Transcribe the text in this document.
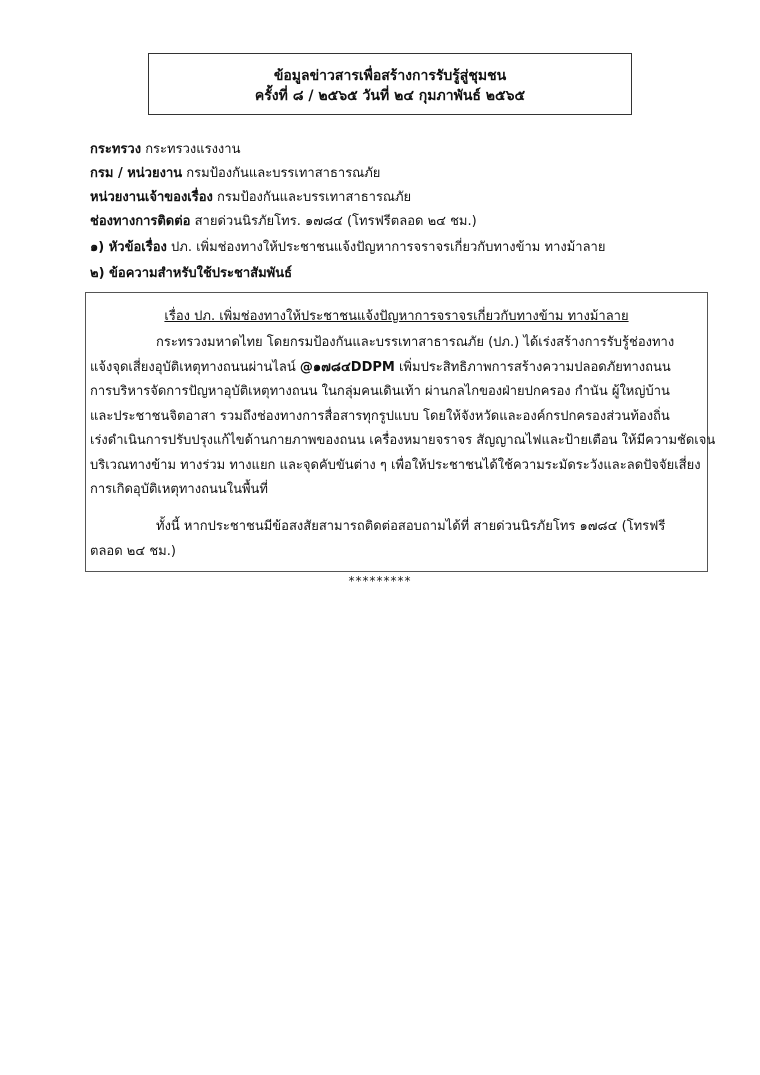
ข้อมูลข่าวสารเพื่อสร้างการรับรู้สู่ชุมชน
ครั้งที่ ๘ / ๒๕๖๕ วันที่ ๒๔ กุมภาพันธ์ ๒๕๖๕
กระทรวง กระทรวงแรงงาน
กรม / หน่วยงาน กรมป้องกันและบรรเทาสาธารณภัย
หน่วยงานเจ้าของเรื่อง กรมป้องกันและบรรเทาสาธารณภัย
ช่องทางการติดต่อ สายด่วนนิรภัยโทร. ๑๗๘๔ (โทรฟรีตลอด ๒๔ ชม.)
๑) หัวข้อเรื่อง ปภ. เพิ่มช่องทางให้ประชาชนแจ้งปัญหาการจราจรเกี่ยวกับทางข้าม ทางม้าลาย
๒) ข้อความสำหรับใช้ประชาสัมพันธ์
เรื่อง ปภ. เพิ่มช่องทางให้ประชาชนแจ้งปัญหาการจราจรเกี่ยวกับทางข้าม ทางม้าลาย
กระทรวงมหาดไทย โดยกรมป้องกันและบรรเทาสาธารณภัย (ปภ.) ได้เร่งสร้างการรับรู้ช่องทาง
แจ้งจุดเสี่ยงอุบัติเหตุทางถนนผ่านไลน์ @๑๗๘๔DDPM เพิ่มประสิทธิภาพการสร้างความปลอดภัยทางถนน
การบริหารจัดการปัญหาอุบัติเหตุทางถนน ในกลุ่มคนเดินเท้า ผ่านกลไกของฝ่ายปกครอง กำนัน ผู้ใหญ่บ้าน
และประชาชนจิตอาสา รวมถึงช่องทางการสื่อสารทุกรูปแบบ โดยให้จังหวัดและองค์กรปกครองส่วนท้องถิ่น
เร่งดำเนินการปรับปรุงแก้ไขด้านกายภาพของถนน เครื่องหมายจราจร สัญญาณไฟและป้ายเตือน ให้มีความชัดเจน
บริเวณทางข้าม ทางร่วม ทางแยก และจุดคับขันต่าง ๆ เพื่อให้ประชาชนได้ใช้ความระมัดระวังและลดปัจจัยเสี่ยง
การเกิดอุบัติเหตุทางถนนในพื้นที่
ทั้งนี้ หากประชาชนมีข้อสงสัยสามารถติดต่อสอบถามได้ที่ สายด่วนนิรภัยโทร ๑๗๘๔ (โทรฟรี
ตลอด ๒๔ ชม.)
*********
